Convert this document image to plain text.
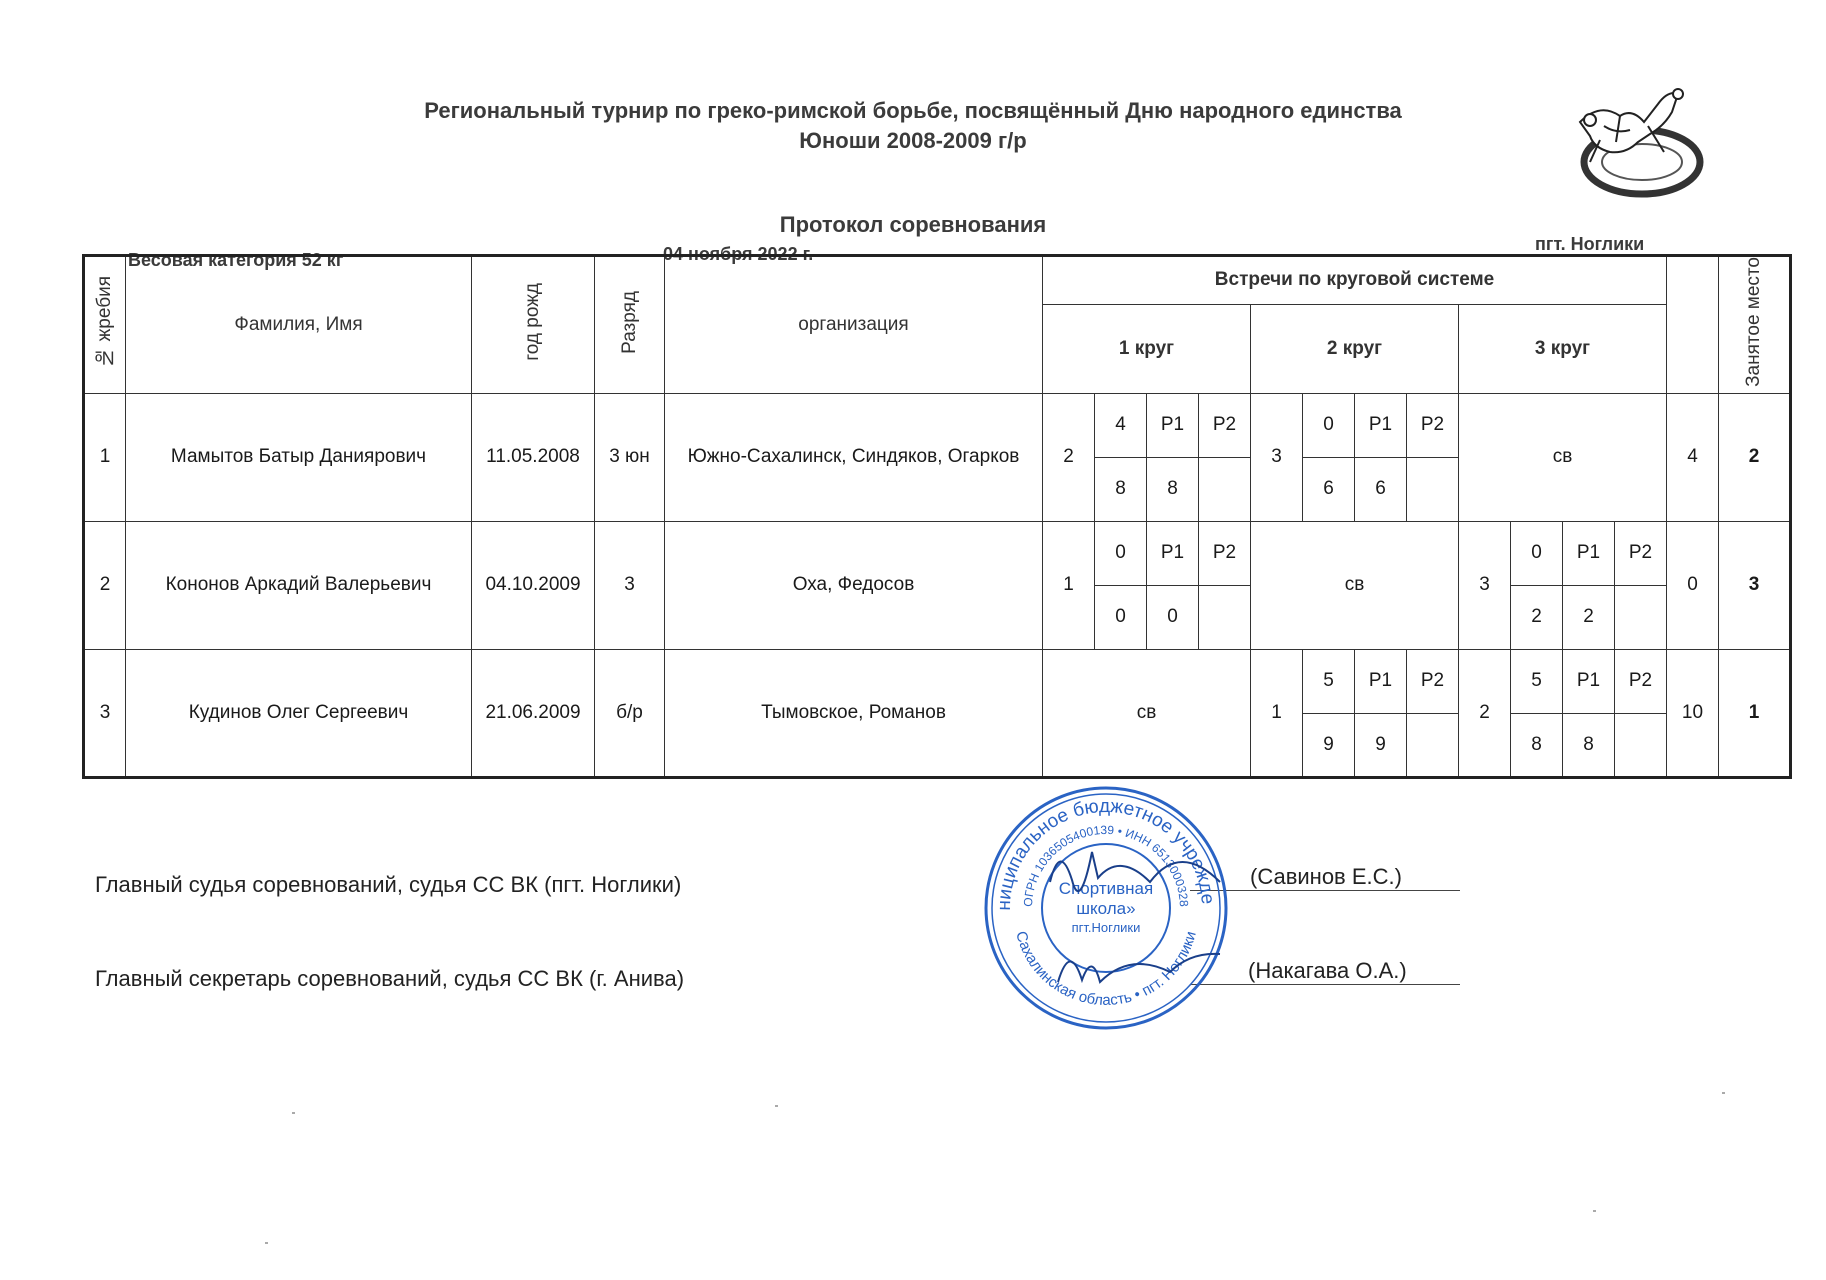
Региональный турнир по греко-римской борьбе, посвящённый Дню народного единства
Юноши 2008-2009 г/р
Протокол соревнования
Весовая категория 52 кг	04 ноября 2022 г.	пгт. Ноглики
№ жребия	Фамилия, Имя	год рожд	Разряд	организация	Встречи по круговой системе													Занятое место
					1 круг				2 круг				3 круг					
1	Мамытов Батыр Даниярович	11.05.2008	3 юн	Южно-Сахалинск, Синдяков, Огарков	2	4	Р1	Р2	3	0	Р1	Р2	св				4	2
						8	8			6	6							
2	Кононов Аркадий Валерьевич	04.10.2009	3	Оха, Федосов	1	0	Р1	Р2	св				3	0	Р1	Р2	0	3
						0	0							2	2			
3	Кудинов Олег Сергеевич	21.06.2009	б/р	Тымовское, Романов	св				1	5	Р1	Р2	2	5	Р1	Р2	10	1
										9	9			8	8			
Главный судья соревнований, судья СС ВК (пгт. Ноглики)	(Савинов Е.С.)
Главный секретарь соревнований, судья СС ВК (г. Анива)	(Накагава О.А.)
ниципальное бюджетное учрежде
ОГРН 1036505400139 • ИНН 6513000328
Сахалинская область • пгт. Ноглики
Спортивная
школа»
пгт.Ноглики
